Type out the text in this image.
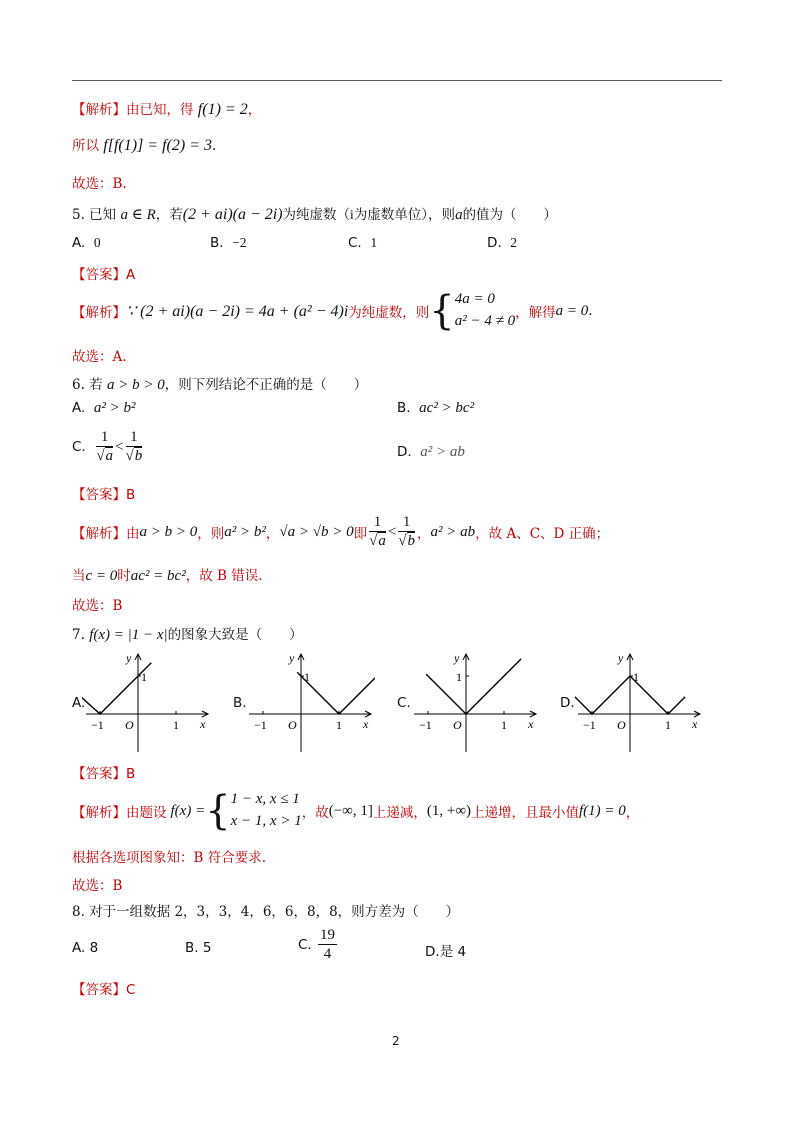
【解析】由已知，得 f(1) = 2，
所以 f[f(1)] = f(2) = 3.
故选：B.
5. 已知 a ∈ R，若(2 + ai)(a − 2i)为纯虚数（i为虚数单位），则a的值为（　　）
A. 0	B. −2	C. 1	D. 2
【答案】A
【解析】 ∵ (2 + ai)(a − 2i) = 4a + (a² − 4)i 为纯虚数，则 { 4a = 0
a² − 4 ≠ 0 ，解得 a = 0 .
故选：A.
6. 若 a > b > 0，则下列结论不正确的是（　　）
A. a² > b²	B. ac² > bc²
C.
$\frac{1}{√a} < \frac{1}{√b}$	D. a² > ab
【答案】B
【解析】 由 a > b > 0 ，则 a² > b² ， √a > √b > 0 即 $\frac{1}{√a} < \frac{1}{√b}$ ， a² > ab ，故 A、C、D 正确；
当c = 0时ac² = bc²，故 B 错误.
故选：B
7. f(x) = |1 − x|的图象大致是（　　）
A.	B.	C.	D.
y
x
O
−1	1
1
y
x
O
−1	1
1
y
x
O
−1	1
1
y
x
O
−1	1
1
【答案】B
【解析】 由题设 f(x) = { 1 − x, x ≤ 1
x − 1, x > 1 ，故 (−∞, 1] 上递减， (1, +∞) 上递增，且最小值 f(1) = 0 ，
根据各选项图象知：B 符合要求.
故选：B
8. 对于一组数据 2，3，3，4，6，6，8，8，则方差为（　　）
A. 8	B. 5	C.
$\frac{19}{4}$	D.是 4
【答案】C
2
